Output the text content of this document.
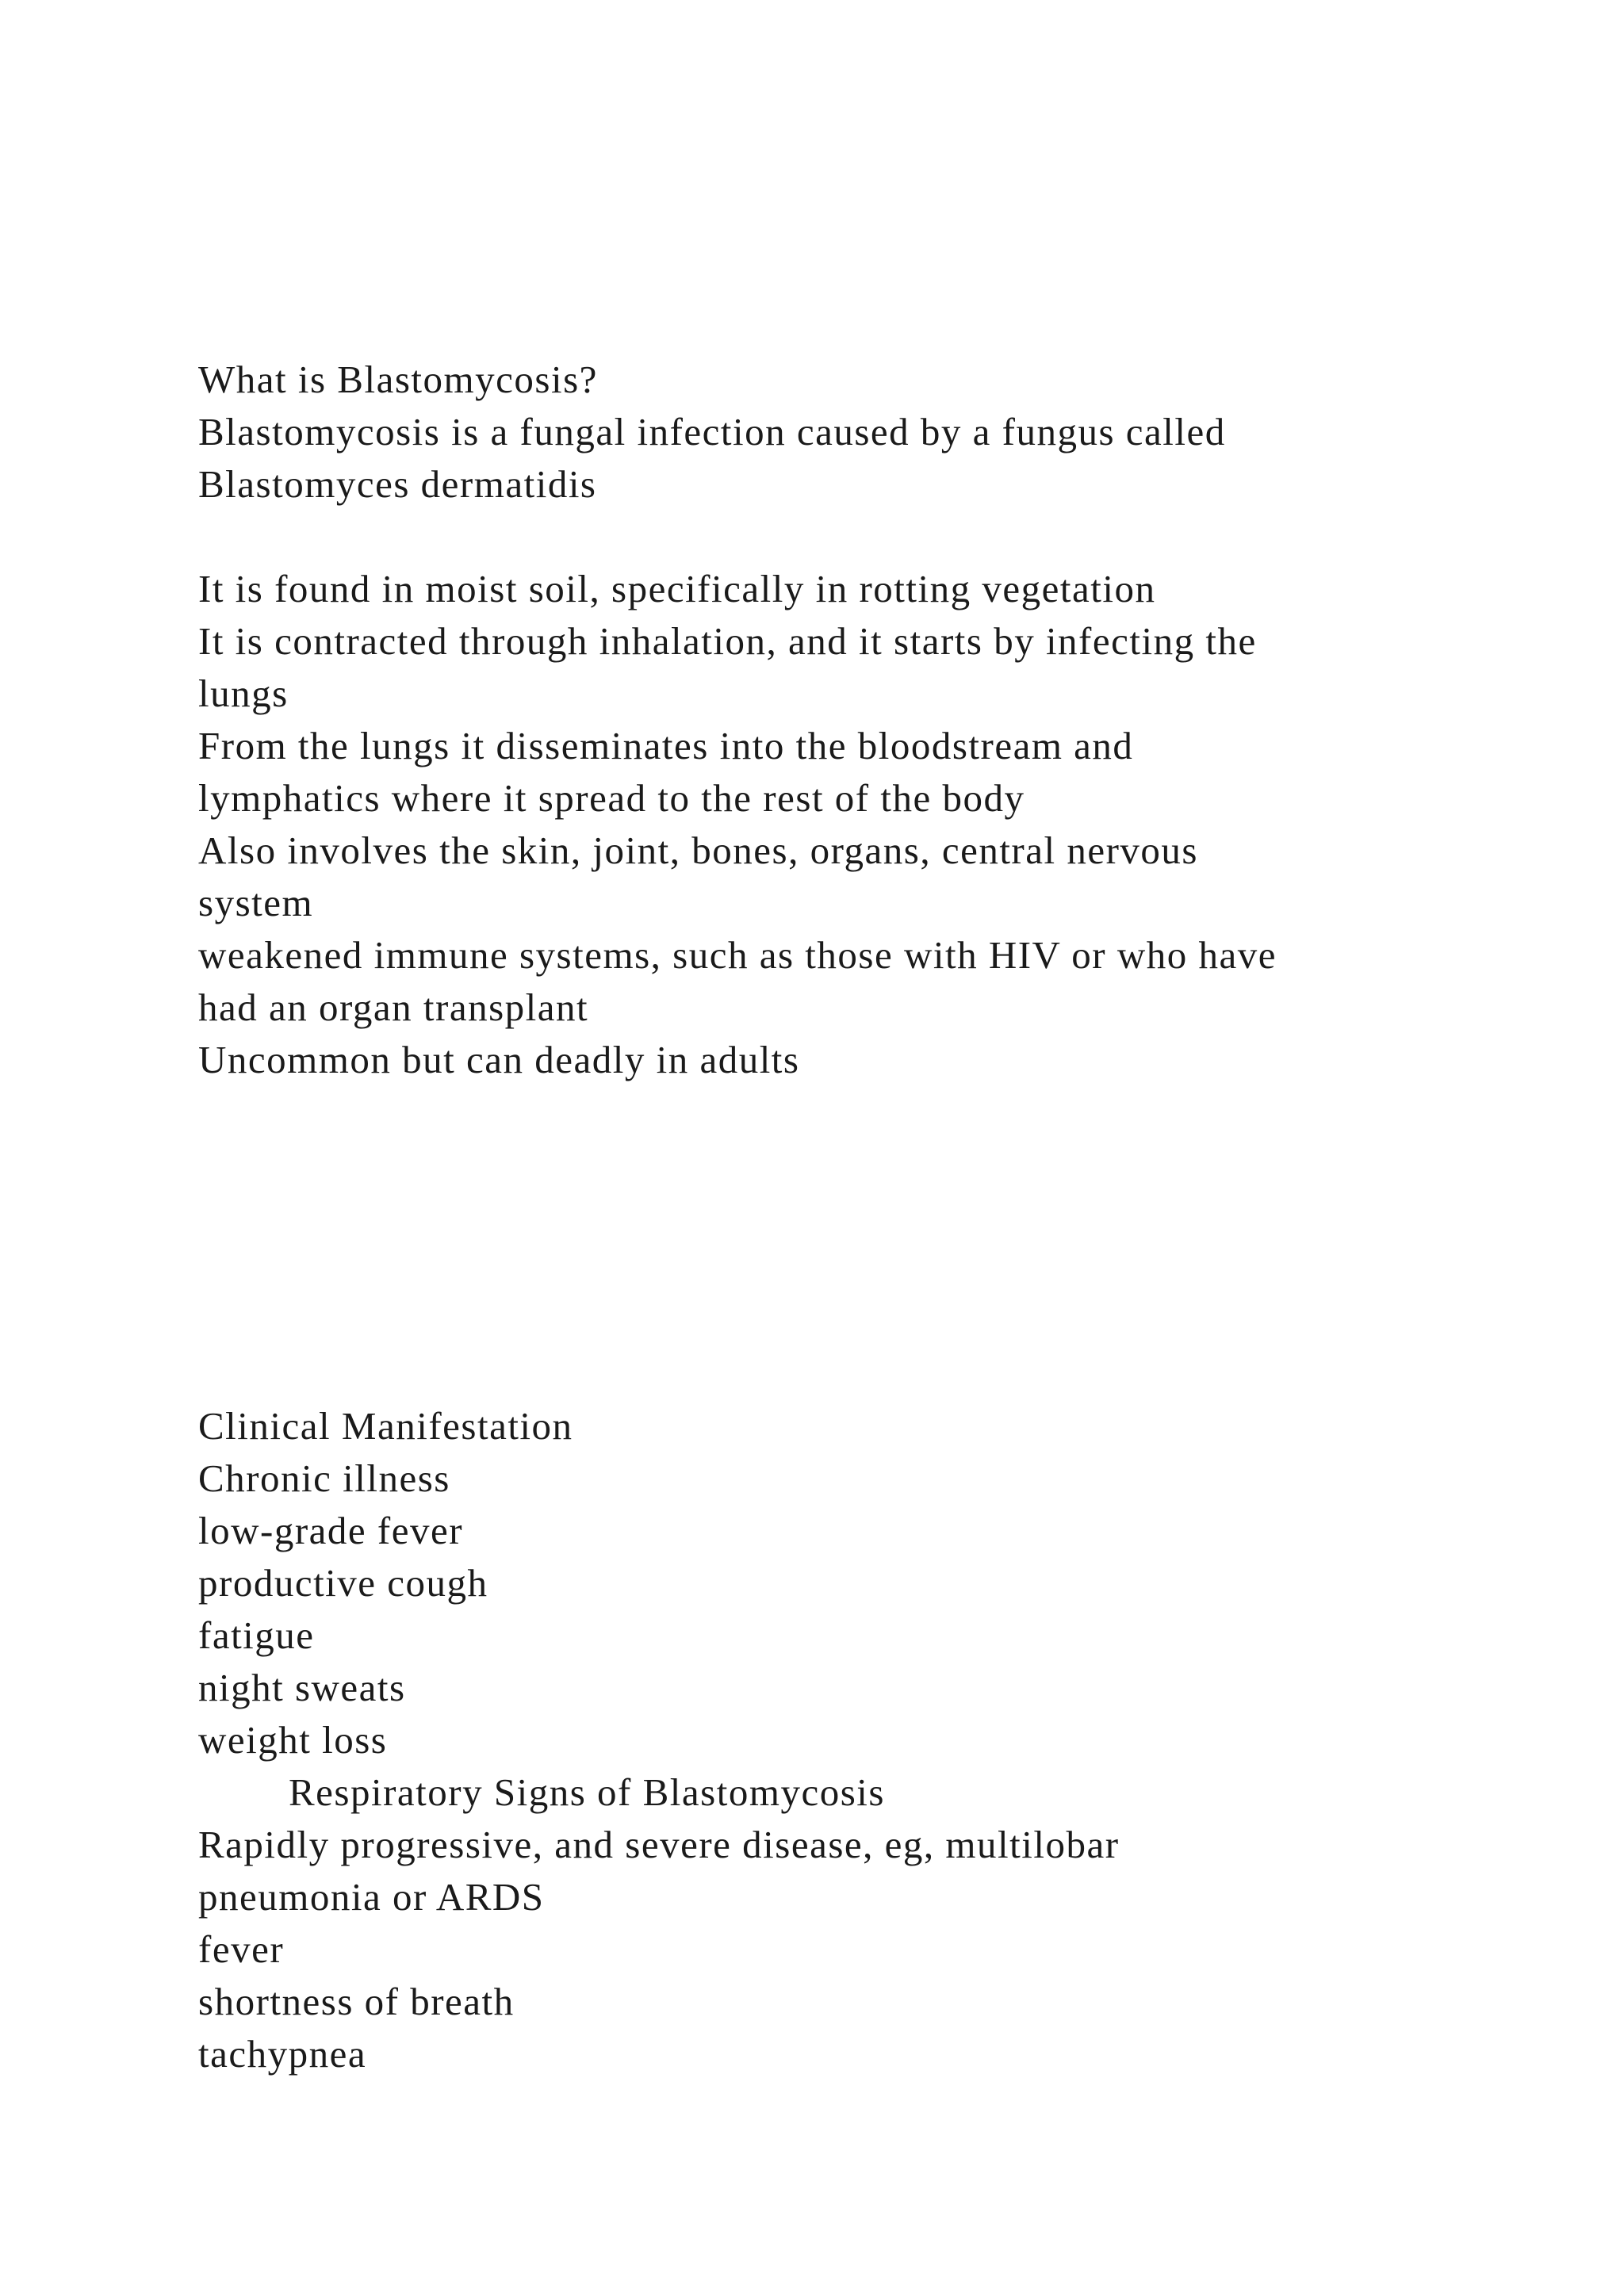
What is Blastomycosis?

Blastomycosis is a fungal infection caused by a fungus called

Blastomyces dermatidis

It is found in moist soil, specifically in rotting vegetation

It is contracted through inhalation, and it starts by infecting the

lungs

From the lungs it disseminates into the bloodstream and

lymphatics where it spread to the rest of the body

Also involves the skin, joint, bones, organs, central nervous

system

weakened immune systems, such as those with HIV or who have

had an organ transplant

Uncommon but can deadly in adults

Clinical Manifestation

Chronic illness

low-grade fever

productive cough

fatigue

night sweats

weight loss

Respiratory Signs of Blastomycosis

Rapidly progressive, and severe disease, eg, multilobar

pneumonia or ARDS

fever

shortness of breath

tachypnea
